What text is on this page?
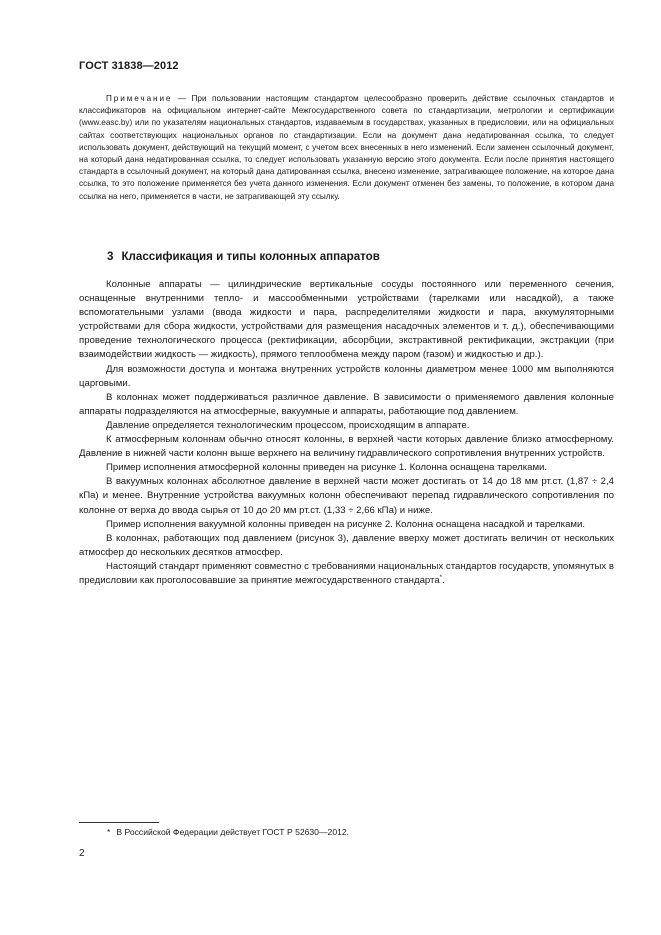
ГОСТ 31838—2012

Примечание — При пользовании настоящим стандартом целесообразно проверить действие ссылочных стандартов и классификаторов на официальном интернет-сайте Межгосударственного совета по стандартизации, метрологии и сертификации (www.easc.by) или по указателям национальных стандартов, издаваемым в государствах, указанных в предисловии, или на официальных сайтах соответствующих национальных органов по стандартизации. Если на документ дана недатированная ссылка, то следует использовать документ, действующий на текущий момент, с учетом всех внесенных в него изменений. Если заменен ссылочный документ, на который дана недатированная ссылка, то следует использовать указанную версию этого документа. Если после принятия настоящего стандарта в ссылочный документ, на который дана датированная ссылка, внесено изменение, затрагивающее положение, на которое дана ссылка, то это положение применяется без учета данного изменения. Если документ отменен без замены, то положение, в котором дана ссылка на него, применяется в части, не затрагивающей эту ссылку.

3 Классификация и типы колонных аппаратов

Колонные аппараты — цилиндрические вертикальные сосуды постоянного или переменного сечения, оснащенные внутренними тепло- и массообменными устройствами (тарелками или насадкой), а также вспомогательными узлами (ввода жидкости и пара, распределителями жидкости и пара, аккумуляторными устройствами для сбора жидкости, устройствами для размещения насадочных элементов и т. д.), обеспечивающими проведение технологического процесса (ректификации, абсорбции, экстрактивной ректификации, экстракции (при взаимодействии жидкость — жидкость), прямого теплообмена между паром (газом) и жидкостью и др.).

Для возможности доступа и монтажа внутренних устройств колонны диаметром менее 1000 мм выполняются царговыми.

В колоннах может поддерживаться различное давление. В зависимости о применяемого давления колонные аппараты подразделяются на атмосферные, вакуумные и аппараты, работающие под давлением.

Давление определяется технологическим процессом, происходящим в аппарате.

К атмосферным колоннам обычно относят колонны, в верхней части которых давление близко атмосферному. Давление в нижней части колонн выше верхнего на величину гидравлического сопротивления внутренних устройств.

Пример исполнения атмосферной колонны приведен на рисунке 1. Колонна оснащена тарелками.

В вакуумных колоннах абсолютное давление в верхней части может достигать от 14 до 18 мм рт.ст. (1,87 ÷ 2,4 кПа) и менее. Внутренние устройства вакуумных колонн обеспечивают перепад гидравлического сопротивления по колонне от верха до ввода сырья от 10 до 20 мм рт.ст. (1,33 ÷ 2,66 кПа) и ниже.

Пример исполнения вакуумной колонны приведен на рисунке 2. Колонна оснащена насадкой и тарелками.

В колоннах, работающих под давлением (рисунок 3), давление вверху может достигать величин от нескольких атмосфер до нескольких десятков атмосфер.

Настоящий стандарт применяют совместно с требованиями национальных стандартов государств, упомянутых в предисловии как проголосовавшие за принятие межгосударственного стандарта*.

* В Российской Федерации действует ГОСТ Р 52630—2012.
2
